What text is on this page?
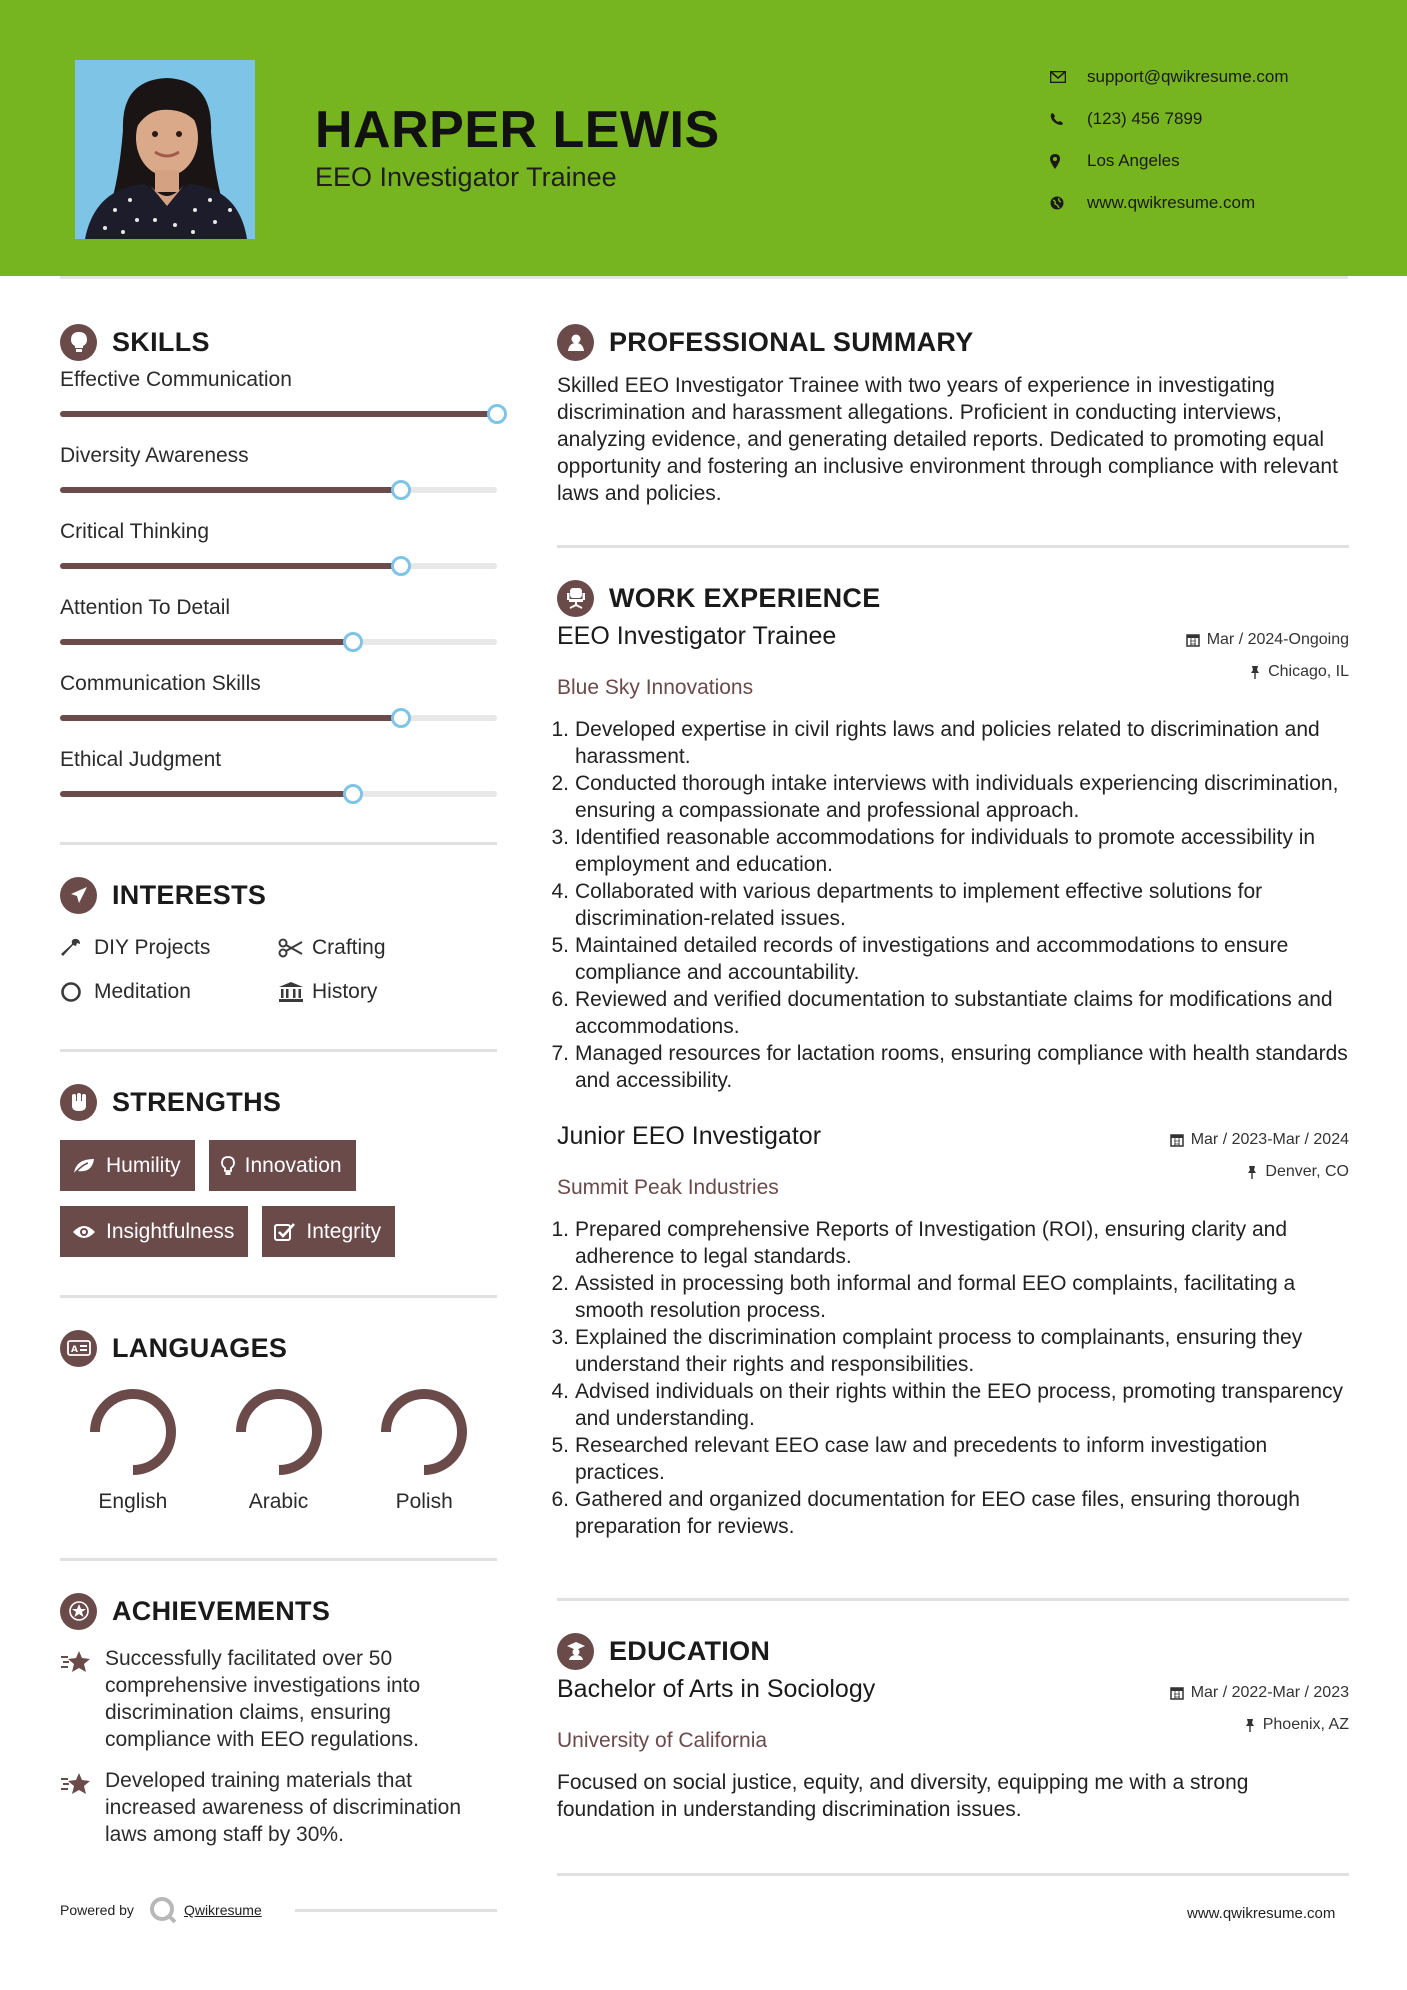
HARPER LEWIS
EEO Investigator Trainee
support@qwikresume.com
(123) 456 7899
Los Angeles
www.qwikresume.com
SKILLS
Effective Communication
Diversity Awareness
Critical Thinking
Attention To Detail
Communication Skills
Ethical Judgment
INTERESTS
DIY Projects	Crafting
Meditation	History
STRENGTHS
Humility	Innovation
Insightfulness	Integrity
A LANGUAGES
English	Arabic	Polish
ACHIEVEMENTS
Successfully facilitated over 50 comprehensive investigations into discrimination claims, ensuring compliance with EEO regulations.
Developed training materials that increased awareness of discrimination laws among staff by 30%.
PROFESSIONAL SUMMARY

Skilled EEO Investigator Trainee with two years of experience in investigating discrimination and harassment allegations. Proficient in conducting interviews, analyzing evidence, and generating detailed reports. Dedicated to promoting equal opportunity and fostering an inclusive environment through compliance with relevant laws and policies.

WORK EXPERIENCE
EEO Investigator Trainee	Mar / 2024-Ongoing
Chicago, IL
Blue Sky Innovations
1. Developed expertise in civil rights laws and policies related to discrimination and harassment.
2. Conducted thorough intake interviews with individuals experiencing discrimination, ensuring a compassionate and professional approach.
3. Identified reasonable accommodations for individuals to promote accessibility in employment and education.
4. Collaborated with various departments to implement effective solutions for discrimination-related issues.
5. Maintained detailed records of investigations and accommodations to ensure compliance and accountability.
6. Reviewed and verified documentation to substantiate claims for modifications and accommodations.
7. Managed resources for lactation rooms, ensuring compliance with health standards and accessibility.
Junior EEO Investigator	Mar / 2023-Mar / 2024
Denver, CO
Summit Peak Industries
1. Prepared comprehensive Reports of Investigation (ROI), ensuring clarity and adherence to legal standards.
2. Assisted in processing both informal and formal EEO complaints, facilitating a smooth resolution process.
3. Explained the discrimination complaint process to complainants, ensuring they understand their rights and responsibilities.
4. Advised individuals on their rights within the EEO process, promoting transparency and understanding.
5. Researched relevant EEO case law and precedents to inform investigation practices.
6. Gathered and organized documentation for EEO case files, ensuring thorough preparation for reviews.
EDUCATION
Bachelor of Arts in Sociology	Mar / 2022-Mar / 2023
Phoenix, AZ
University of California

Focused on social justice, equity, and diversity, equipping me with a strong foundation in understanding discrimination issues.

Powered by	Qwikresume	www.qwikresume.com
